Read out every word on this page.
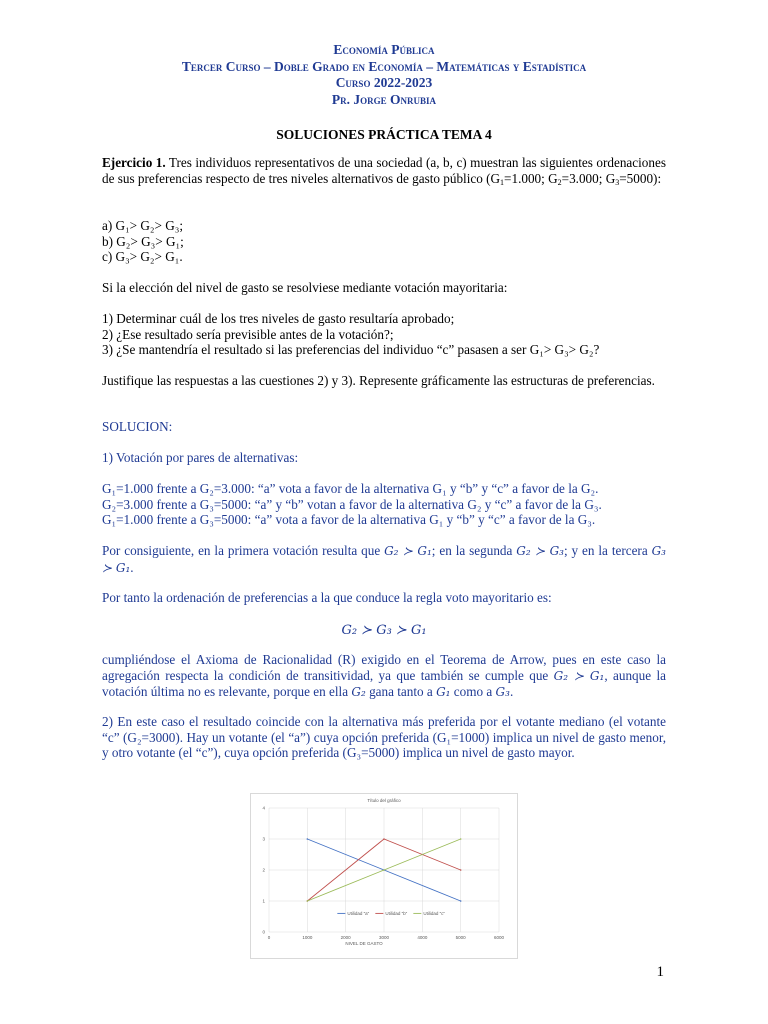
Economía Pública
Tercer Curso – Doble Grado en Economía – Matemáticas y Estadística
Curso 2022-2023
Pr. Jorge Onrubia
SOLUCIONES PRÁCTICA TEMA 4

Ejercicio 1. Tres individuos representativos de una sociedad (a, b, c) muestran las siguientes ordenaciones de sus preferencias respecto de tres niveles alternativos de gasto público ($G_1=1.000$; $G_2=3.000$; $G_3=5000$):

a) G₁> G₂> G₃;

b) G₂> G₃> G₁;

c) G₃> G₂> G₁.

Si la elección del nivel de gasto se resolviese mediante votación mayoritaria:

1) Determinar cuál de los tres niveles de gasto resultaría aprobado;

2) ¿Ese resultado sería previsible antes de la votación?;

3) ¿Se mantendría el resultado si las preferencias del individuo “c” pasasen a ser G₁> G₃> G₂?

Justifique las respuestas a las cuestiones 2) y 3). Represente gráficamente las estructuras de preferencias.
SOLUCION:
1) Votación por pares de alternativas:

G₁=1.000 frente a G₂=3.000: “a” vota a favor de la alternativa G₁ y “b” y “c” a favor de la G₂.

G₂=3.000 frente a G₃=5000: “a” y “b” votan a favor de la alternativa G₂ y “c” a favor de la G₃.

G₁=1.000 frente a G₃=5000: “a” vota a favor de la alternativa G₁ y “b” y “c” a favor de la G₃.

Por consiguiente, en la primera votación resulta que G₂ ≻ G₁; en la segunda G₂ ≻ G₃; y en la tercera G₃ ≻ G₁.
Por tanto la ordenación de preferencias a la que conduce la regla voto mayoritario es:
G₂ ≻ G₃ ≻ G₁
cumpliéndose el Axioma de Racionalidad (R) exigido en el Teorema de Arrow, pues en este caso la agregación respecta la condición de transitividad, ya que también se cumple que G₂ ≻ G₁, aunque la votación última no es relevante, porque en ella G₂ gana tanto a G₁ como a G₃.
2) En este caso el resultado coincide con la alternativa más preferida por el votante mediano (el votante “c” (G₂=3000). Hay un votante (el “a”) cuya opción preferida (G₁=1000) implica un nivel de gasto menor, y otro votante (el “c”), cuya opción preferida (G₃=5000) implica un nivel de gasto mayor.
Título del gráfico
0
1
2
3
4
0	1000	2000	3000	4000	5000	6000
NIVEL DE GASTO
Utilidad "a"	Utilidad "b"	Utilidad "c"
1
